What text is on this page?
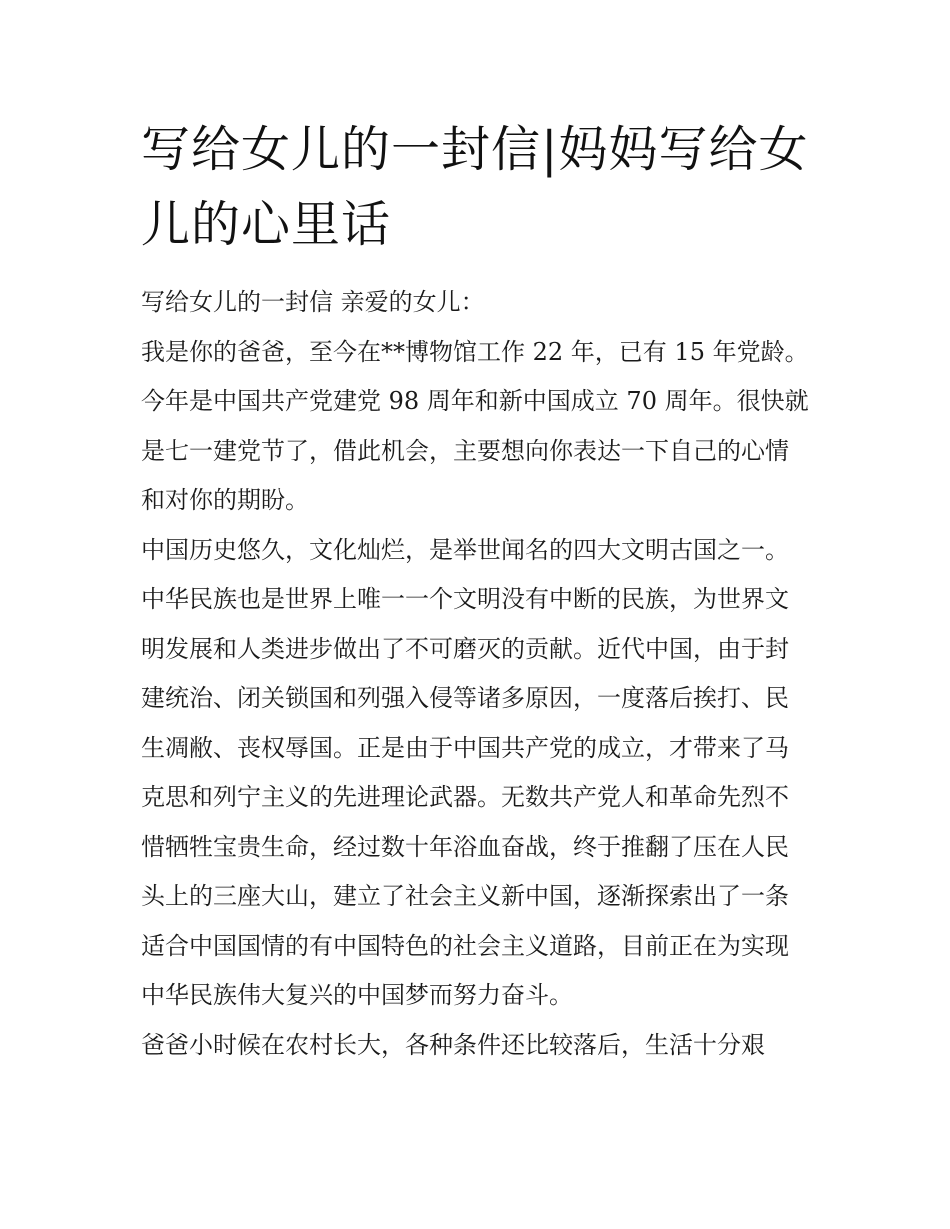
写给女儿的一封信|妈妈写给女
儿的心里话
写给女儿的一封信 亲爱的女儿：
我是你的爸爸，至今在**博物馆工作 22 年，已有 15 年党龄。
今年是中国共产党建党 98 周年和新中国成立 70 周年。很快就
是七一建党节了，借此机会，主要想向你表达一下自己的心情
和对你的期盼。
中国历史悠久，文化灿烂，是举世闻名的四大文明古国之一。
中华民族也是世界上唯一一个文明没有中断的民族，为世界文
明发展和人类进步做出了不可磨灭的贡献。近代中国，由于封
建统治、闭关锁国和列强入侵等诸多原因，一度落后挨打、民
生凋敝、丧权辱国。正是由于中国共产党的成立，才带来了马
克思和列宁主义的先进理论武器。无数共产党人和革命先烈不
惜牺牲宝贵生命，经过数十年浴血奋战，终于推翻了压在人民
头上的三座大山，建立了社会主义新中国，逐渐探索出了一条
适合中国国情的有中国特色的社会主义道路，目前正在为实现
中华民族伟大复兴的中国梦而努力奋斗。
爸爸小时候在农村长大，各种条件还比较落后，生活十分艰
